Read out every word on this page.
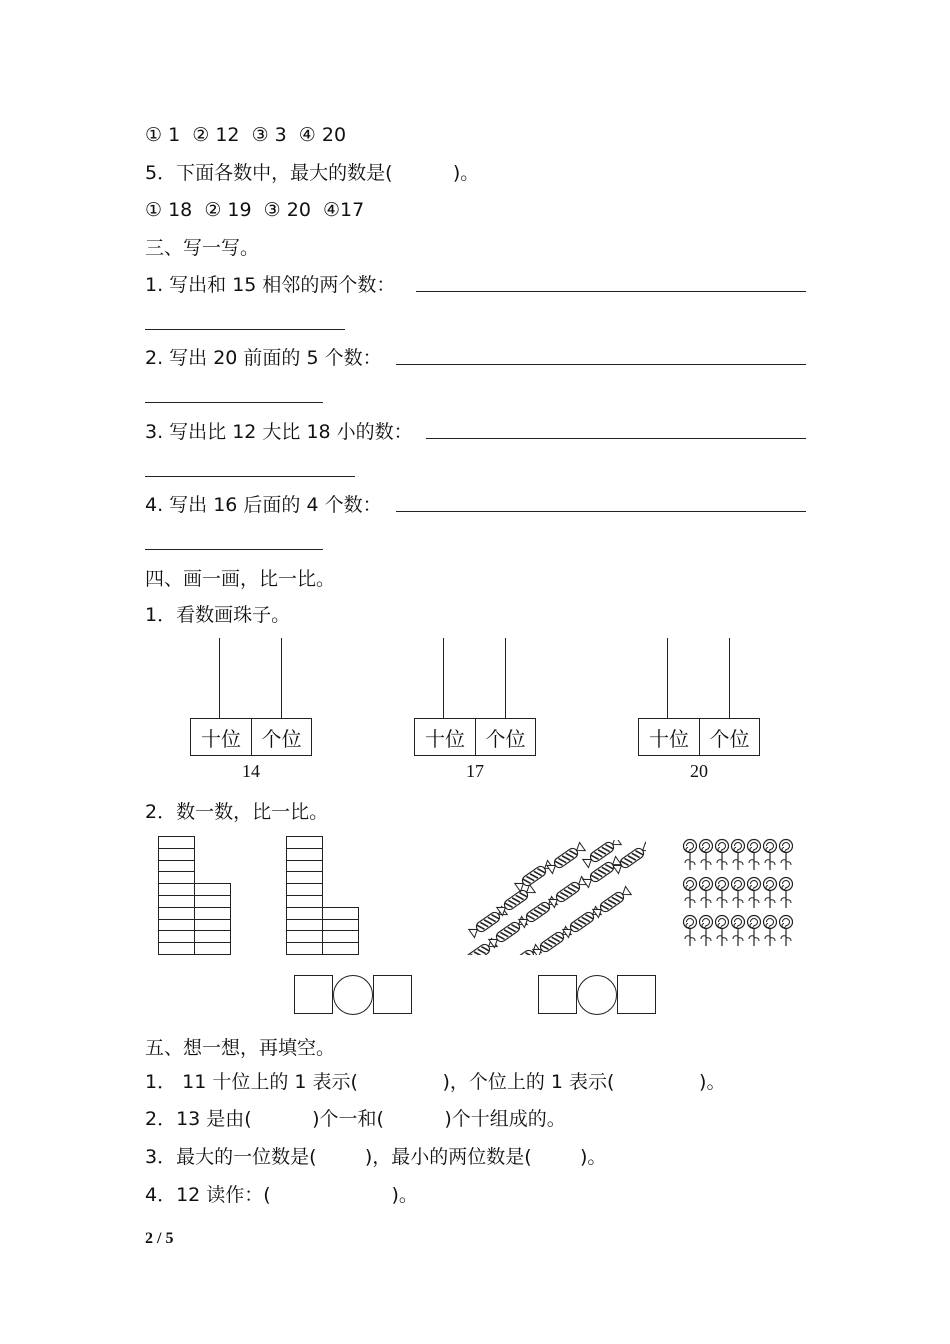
① 1  ② 12  ③ 3  ④ 20
5．下面各数中，最大的数是(          )。
① 18  ② 19  ③ 20  ④17
三、写一写。
1. 写出和 15 相邻的两个数：
2. 写出 20 前面的 5 个数：
3. 写出比 12 大比 18 小的数：
4. 写出 16 后面的 4 个数：
四、画一画，比一比。
1．看数画珠子。
十位	个位
14
十位	个位
17
十位	个位
20
2．数一数，比一比。
五、想一想，再填空。
1． 11 十位上的 1 表示(              )，个位上的 1 表示(              )。
2．13 是由(          )个一和(          )个十组成的。
3．最大的一位数是(        )，最小的两位数是(        )。
4．12 读作：(                    )。
2 / 5
